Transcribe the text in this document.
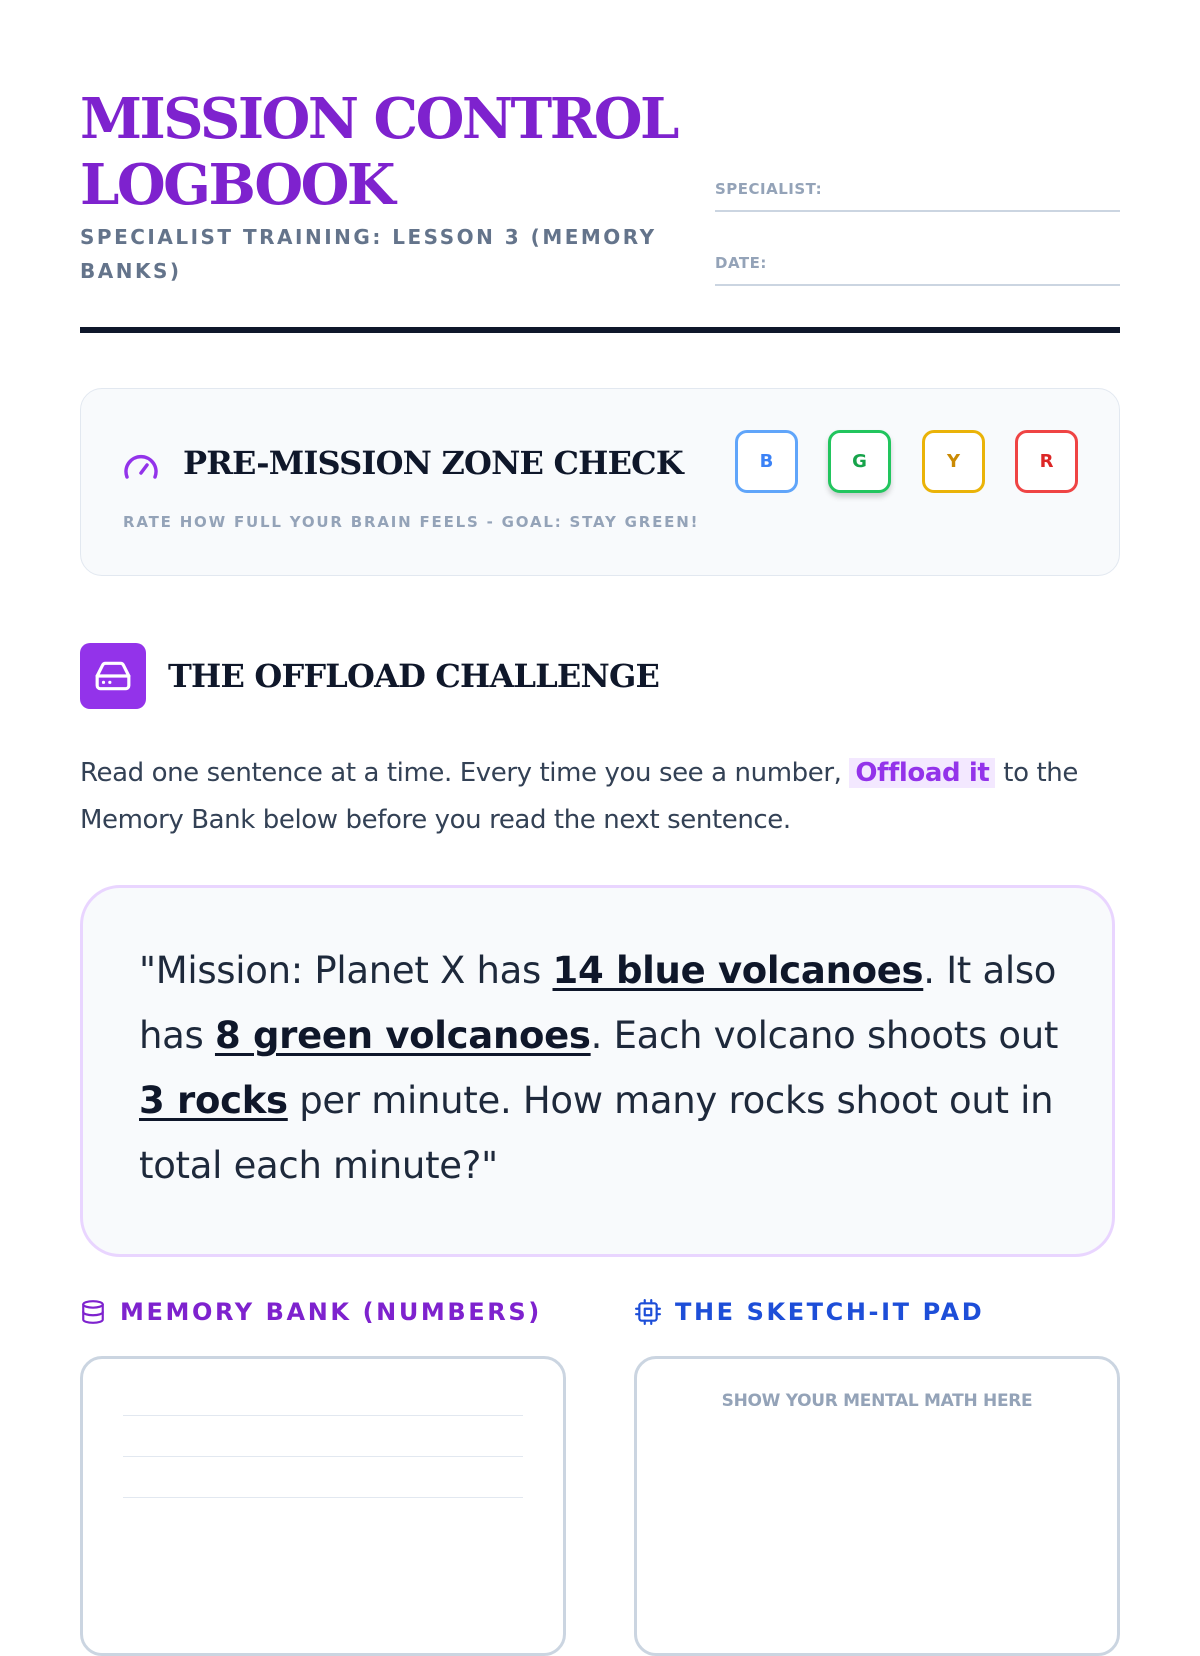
MISSION CONTROL
LOGBOOK
SPECIALIST TRAINING: LESSON 3 (MEMORY BANKS)
SPECIALIST:
DATE:
PRE-MISSION ZONE CHECK
RATE HOW FULL YOUR BRAIN FEELS - GOAL: STAY GREEN!
B	G	Y	R
THE OFFLOAD CHALLENGE
Read one sentence at a time. Every time you see a number, Offload it to the Memory Bank below before you read the next sentence.

"Mission: Planet X has 14 blue volcanoes. It also has 8 green volcanoes. Each volcano shoots out 3 rocks per minute. How many rocks shoot out in total each minute?"

MEMORY BANK (NUMBERS)	THE SKETCH-IT PAD
SHOW YOUR MENTAL MATH HERE
